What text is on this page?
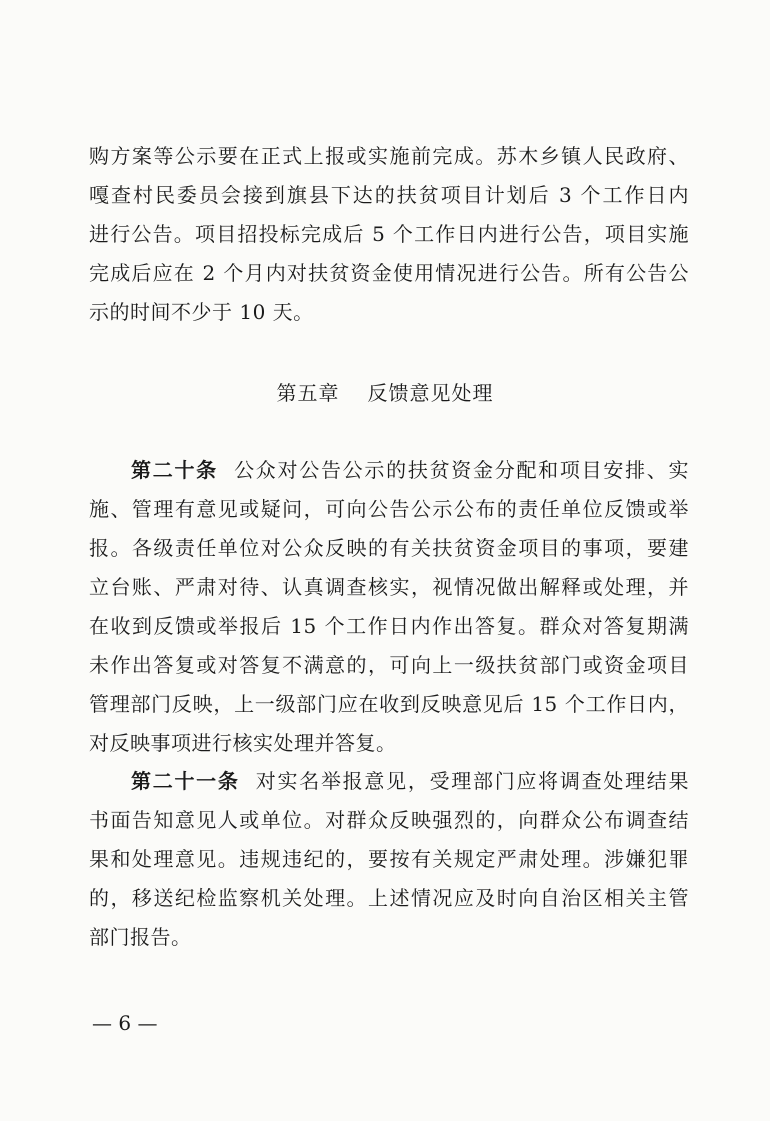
购方案等公示要在正式上报或实施前完成。苏木乡镇人民政府、
嘎查村民委员会接到旗县下达的扶贫项目计划后 3 个工作日内
进行公告。项目招投标完成后 5 个工作日内进行公告，项目实施
完成后应在 2 个月内对扶贫资金使用情况进行公告。所有公告公
示的时间不少于 10 天。
第五章 反馈意见处理
第二十条 公众对公告公示的扶贫资金分配和项目安排、实
施、管理有意见或疑问，可向公告公示公布的责任单位反馈或举
报。各级责任单位对公众反映的有关扶贫资金项目的事项，要建
立台账、严肃对待、认真调查核实，视情况做出解释或处理，并
在收到反馈或举报后 15 个工作日内作出答复。群众对答复期满
未作出答复或对答复不满意的，可向上一级扶贫部门或资金项目
管理部门反映，上一级部门应在收到反映意见后 15 个工作日内，
对反映事项进行核实处理并答复。
第二十一条 对实名举报意见，受理部门应将调查处理结果
书面告知意见人或单位。对群众反映强烈的，向群众公布调查结
果和处理意见。违规违纪的，要按有关规定严肃处理。涉嫌犯罪
的，移送纪检监察机关处理。上述情况应及时向自治区相关主管
部门报告。
— 6 —
